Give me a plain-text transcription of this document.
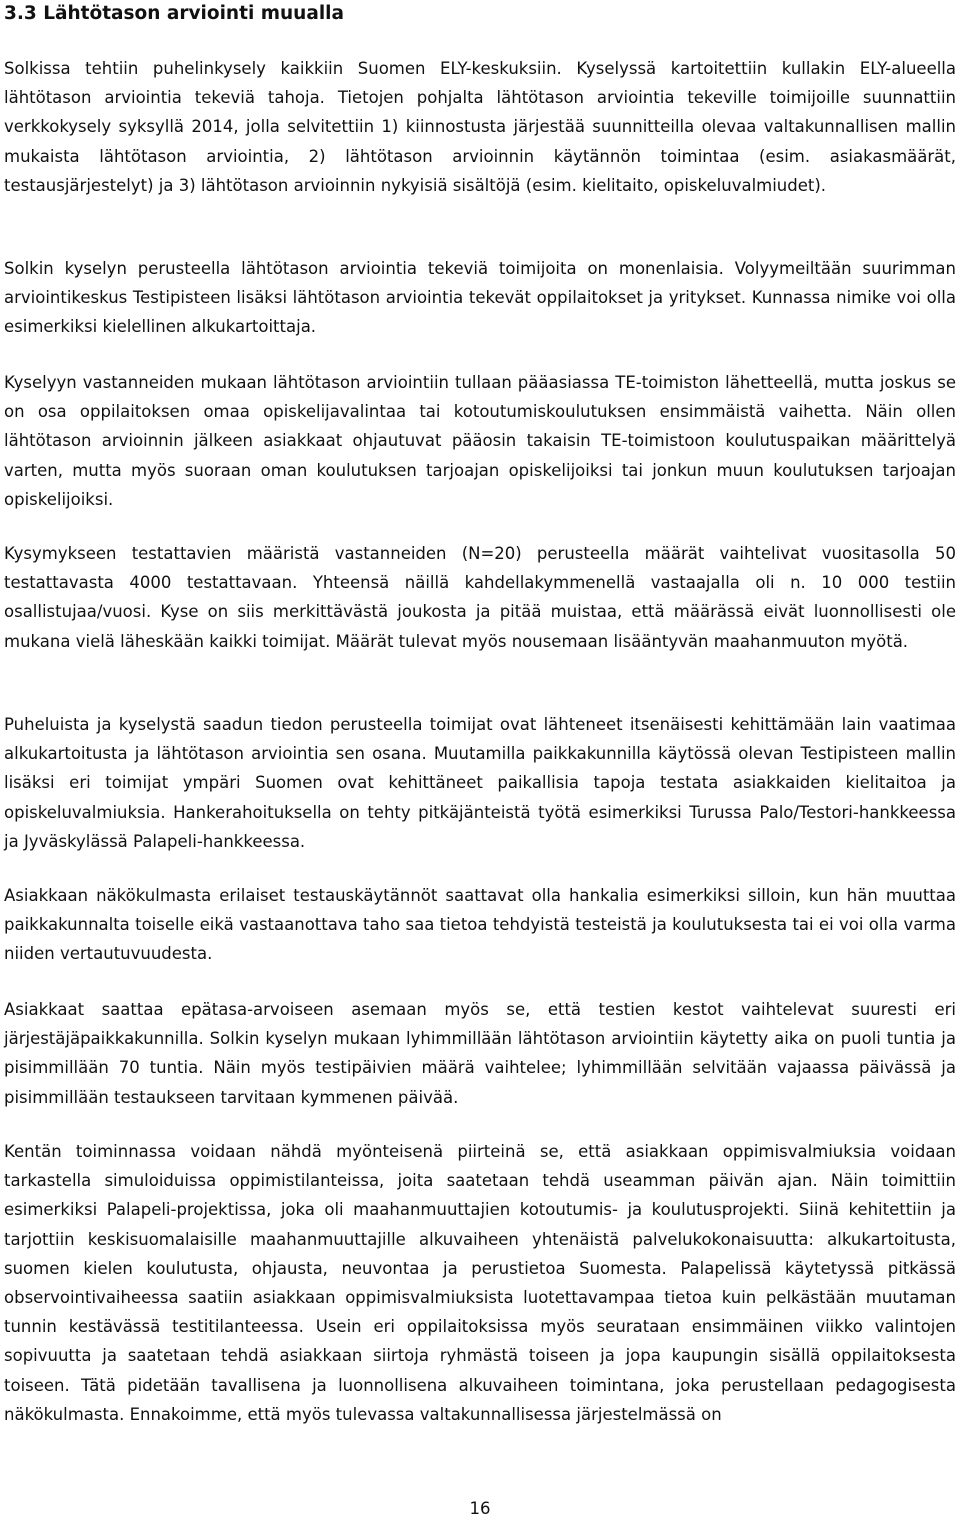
3.3 Lähtötason arviointi muualla

Solkissa tehtiin puhelinkysely kaikkiin Suomen ELY-keskuksiin. Kyselyssä kartoitettiin kullakin ELY-alueella lähtötason arviointia tekeviä tahoja. Tietojen pohjalta lähtötason arviointia tekeville toimijoille suunnattiin verkkokysely syksyllä 2014, jolla selvitettiin 1) kiinnostusta järjestää suunnitteilla olevaa valtakunnallisen mallin mukaista lähtötason arviointia, 2) lähtötason arvioinnin käytännön toimintaa (esim. asiakasmäärät, testausjärjestelyt) ja 3) lähtötason arvioinnin nykyisiä sisältöjä (esim. kielitaito, opiskeluvalmiudet).

Solkin kyselyn perusteella lähtötason arviointia tekeviä toimijoita on monenlaisia. Volyymeiltään suurimman arviointikeskus Testipisteen lisäksi lähtötason arviointia tekevät oppilaitokset ja yritykset. Kunnassa nimike voi olla esimerkiksi kielellinen alkukartoittaja.

Kyselyyn vastanneiden mukaan lähtötason arviointiin tullaan pääasiassa TE-toimiston lähetteellä, mutta joskus se on osa oppilaitoksen omaa opiskelijavalintaa tai kotoutumiskoulutuksen ensimmäistä vaihetta. Näin ollen lähtötason arvioinnin jälkeen asiakkaat ohjautuvat pääosin takaisin TE-toimistoon koulutuspaikan määrittelyä varten, mutta myös suoraan oman koulutuksen tarjoajan opiskelijoiksi tai jonkun muun koulutuksen tarjoajan opiskelijoiksi.

Kysymykseen testattavien määristä vastanneiden (N=20) perusteella määrät vaihtelivat vuositasolla 50 testattavasta 4000 testattavaan. Yhteensä näillä kahdellakymmenellä vastaajalla oli n. 10 000 testiin osallistujaa/vuosi. Kyse on siis merkittävästä joukosta ja pitää muistaa, että määrässä eivät luonnollisesti ole mukana vielä läheskään kaikki toimijat. Määrät tulevat myös nousemaan lisääntyvän maahanmuuton myötä.

Puheluista ja kyselystä saadun tiedon perusteella toimijat ovat lähteneet itsenäisesti kehittämään lain vaatimaa alkukartoitusta ja lähtötason arviointia sen osana. Muutamilla paikkakunnilla käytössä olevan Testipisteen mallin lisäksi eri toimijat ympäri Suomen ovat kehittäneet paikallisia tapoja testata asiakkaiden kielitaitoa ja opiskeluvalmiuksia. Hankerahoituksella on tehty pitkäjänteistä työtä esimerkiksi Turussa Palo/Testori-hankkeessa ja Jyväskylässä Palapeli-hankkeessa.

Asiakkaan näkökulmasta erilaiset testauskäytännöt saattavat olla hankalia esimerkiksi silloin, kun hän muuttaa paikkakunnalta toiselle eikä vastaanottava taho saa tietoa tehdyistä testeistä ja koulutuksesta tai ei voi olla varma niiden vertautuvuudesta.

Asiakkaat saattaa epätasa-arvoiseen asemaan myös se, että testien kestot vaihtelevat suuresti eri järjestäjäpaikkakunnilla. Solkin kyselyn mukaan lyhimmillään lähtötason arviointiin käytetty aika on puoli tuntia ja pisimmillään 70 tuntia. Näin myös testipäivien määrä vaihtelee; lyhimmillään selvitään vajaassa päivässä ja pisimmillään testaukseen tarvitaan kymmenen päivää.

Kentän toiminnassa voidaan nähdä myönteisenä piirteinä se, että asiakkaan oppimisvalmiuksia voidaan tarkastella simuloiduissa oppimistilanteissa, joita saatetaan tehdä useamman päivän ajan. Näin toimittiin esimerkiksi Palapeli-projektissa, joka oli maahanmuuttajien kotoutumis- ja koulutusprojekti. Siinä kehitettiin ja tarjottiin keskisuomalaisille maahanmuuttajille alkuvaiheen yhtenäistä palvelukokonaisuutta: alkukartoitusta, suomen kielen koulutusta, ohjausta, neuvontaa ja perustietoa Suomesta. Palapelissä käytetyssä pitkässä observointivaiheessa saatiin asiakkaan oppimisvalmiuksista luotettavampaa tietoa kuin pelkästään muutaman tunnin kestävässä testitilanteessa. Usein eri oppilaitoksissa myös seurataan ensimmäinen viikko valintojen sopivuutta ja saatetaan tehdä asiakkaan siirtoja ryhmästä toiseen ja jopa kaupungin sisällä oppilaitoksesta toiseen. Tätä pidetään tavallisena ja luonnollisena alkuvaiheen toimintana, joka perustellaan pedagogisesta näkökulmasta. Ennakoimme, että myös tulevassa valtakunnallisessa järjestelmässä on

16
